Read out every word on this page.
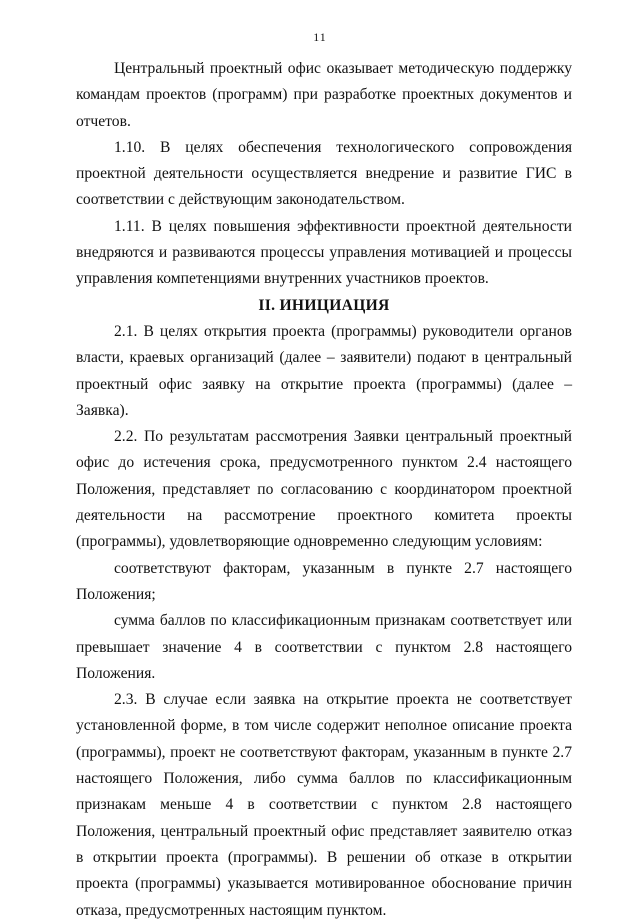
11

Центральный проектный офис оказывает методическую поддержку командам проектов (программ) при разработке проектных документов и отчетов.

1.10. В целях обеспечения технологического сопровождения проектной деятельности осуществляется внедрение и развитие ГИС в соответствии с действующим законодательством.

1.11. В целях повышения эффективности проектной деятельности внедряются и развиваются процессы управления мотивацией и процессы управления компетенциями внутренних участников проектов.

II. ИНИЦИАЦИЯ

2.1. В целях открытия проекта (программы) руководители органов власти, краевых организаций (далее – заявители) подают в центральный проектный офис заявку на открытие проекта (программы) (далее – Заявка).

2.2. По результатам рассмотрения Заявки центральный проектный офис до истечения срока, предусмотренного пунктом 2.4 настоящего Положения, представляет по согласованию с координатором проектной деятельности на рассмотрение проектного комитета проекты (программы), удовлетворяющие одновременно следующим условиям:

соответствуют факторам, указанным в пункте 2.7 настоящего Положения;

сумма баллов по классификационным признакам соответствует или превышает значение 4 в соответствии с пунктом 2.8 настоящего Положения.

2.3. В случае если заявка на открытие проекта не соответствует установленной форме, в том числе содержит неполное описание проекта (программы), проект не соответствуют факторам, указанным в пункте 2.7 настоящего Положения, либо сумма баллов по классификационным признакам меньше 4 в соответствии с пунктом 2.8 настоящего Положения, центральный проектный офис представляет заявителю отказ в открытии проекта (программы). В решении об отказе в открытии проекта (программы) указывается мотивированное обоснование причин отказа, предусмотренных настоящим пунктом.
